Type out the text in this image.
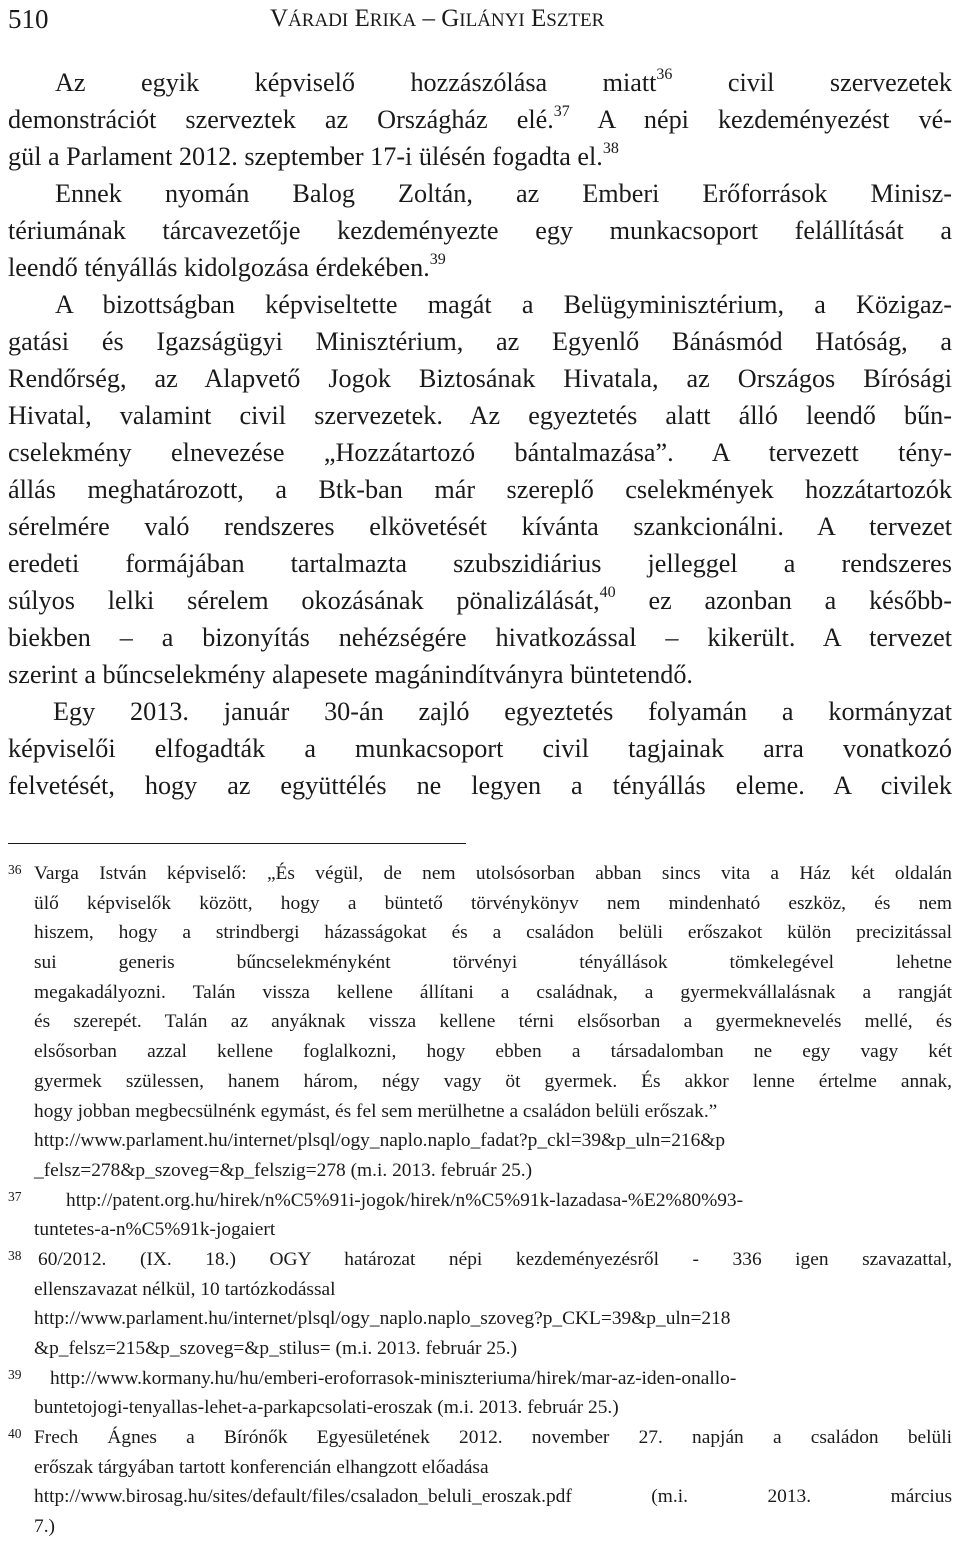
510	VÁRADI ERIKA – GILÁNYI ESZTER
Az egyik képviselő hozzászólása miatt$^{36}$ civil szervezetek
demonstrációt szerveztek az Országház elé.$^{37}$ A népi kezdeményezést vé-
gül a Parlament 2012. szeptember 17-i ülésén fogadta el.$^{38}$
Ennek nyomán Balog Zoltán, az Emberi Erőforrások Minisz-
tériumának tárcavezetője kezdeményezte egy munkacsoport felállítását a
leendő tényállás kidolgozása érdekében.$^{39}$
A bizottságban képviseltette magát a Belügyminisztérium, a Közigaz-
gatási és Igazságügyi Minisztérium, az Egyenlő Bánásmód Hatóság, a
Rendőrség, az Alapvető Jogok Biztosának Hivatala, az Országos Bírósági
Hivatal, valamint civil szervezetek. Az egyeztetés alatt álló leendő bűn-
cselekmény elnevezése „Hozzátartozó bántalmazása”. A tervezett tény-
állás meghatározott, a Btk-ban már szereplő cselekmények hozzátartozók
sérelmére való rendszeres elkövetését kívánta szankcionálni. A tervezet
eredeti formájában tartalmazta szubszidiárius jelleggel a rendszeres
súlyos lelki sérelem okozásának pönalizálását,$^{40}$ ez azonban a később-
biekben – a bizonyítás nehézségére hivatkozással – kikerült. A tervezet
szerint a bűncselekmény alapesete magánindítványra büntetendő.
Egy 2013. január 30-án zajló egyeztetés folyamán a kormányzat
képviselői elfogadták a munkacsoport civil tagjainak arra vonatkozó
felvetését, hogy az együttélés ne legyen a tényállás eleme. A civilek
36 Varga István képviselő: „És végül, de nem utolsósorban abban sincs vita a Ház két oldalán
ülő képviselők között, hogy a büntető törvénykönyv nem mindenható eszköz, és nem
hiszem, hogy a strindbergi házasságokat és a családon belüli erőszakot külön precizitással
sui generis bűncselekményként törvényi tényállások tömkelegével lehetne
megakadályozni. Talán vissza kellene állítani a családnak, a gyermekvállalásnak a rangját
és szerepét. Talán az anyáknak vissza kellene térni elsősorban a gyermeknevelés mellé, és
elsősorban azzal kellene foglalkozni, hogy ebben a társadalomban ne egy vagy két
gyermek szülessen, hanem három, négy vagy öt gyermek. És akkor lenne értelme annak,
hogy jobban megbecsülnénk egymást, és fel sem merülhetne a családon belüli erőszak.”
http://www.parlament.hu/internet/plsql/ogy_naplo.naplo_fadat?p_ckl=39&p_uln=216&p
_felsz=278&p_szoveg=&p_felszig=278 (m.i. 2013. február 25.)
37	http://patent.org.hu/hirek/n%C5%91i-jogok/hirek/n%C5%91k-lazadasa-%E2%80%93-
tuntetes-a-n%C5%91k-jogaiert
38 60/2012. (IX. 18.) OGY határozat népi kezdeményezésről - 336 igen szavazattal,
ellenszavazat nélkül, 10 tartózkodással
http://www.parlament.hu/internet/plsql/ogy_naplo.naplo_szoveg?p_CKL=39&p_uln=218
&p_felsz=215&p_szoveg=&p_stilus= (m.i. 2013. február 25.)
39	http://www.kormany.hu/hu/emberi-eroforrasok-miniszteriuma/hirek/mar-az-iden-onallo-
buntetojogi-tenyallas-lehet-a-parkapcsolati-eroszak (m.i. 2013. február 25.)
40 Frech Ágnes a Bírónők Egyesületének 2012. november 27. napján a családon belüli
erőszak tárgyában tartott konferencián elhangzott előadása
http://www.birosag.hu/sites/default/files/csaladon_beluli_eroszak.pdf (m.i. 2013. március
7.)
